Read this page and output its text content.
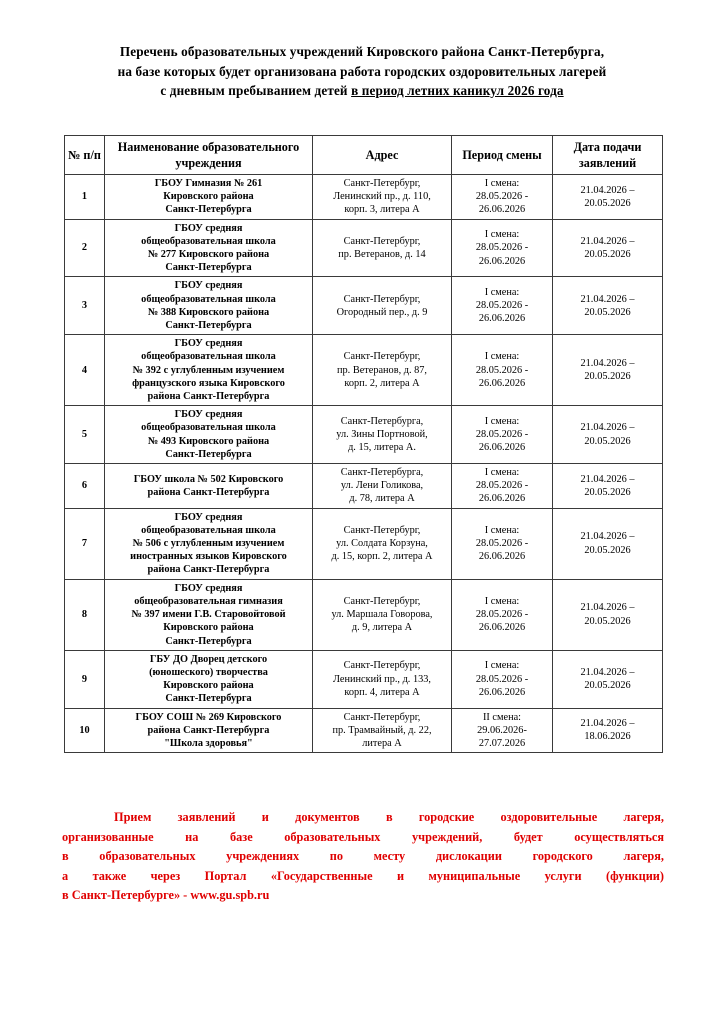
Перечень образовательных учреждений Кировского района Санкт-Петербурга,
на базе которых будет организована работа городских оздоровительных лагерей
с дневным пребыванием детей в период летних каникул 2026 года
№ п/п	Наименование образовательного учреждения	Адрес	Период смены	Дата подачи заявлений
1	ГБОУ Гимназия № 261
Кировского района
Санкт-Петербурга	Санкт-Петербург,
Ленинский пр., д. 110,
корп. 3, литера А	I смена:
28.05.2026 -
26.06.2026	21.04.2026 –
20.05.2026

2	ГБОУ средняя
общеобразовательная школа
№ 277 Кировского района
Санкт-Петербурга	Санкт-Петербург,
пр. Ветеранов, д. 14	I смена:
28.05.2026 -
26.06.2026	21.04.2026 –
20.05.2026

3	ГБОУ средняя
общеобразовательная школа
№ 388 Кировского района
Санкт-Петербурга	Санкт-Петербург,
Огородный пер., д. 9	I смена:
28.05.2026 -
26.06.2026	21.04.2026 –
20.05.2026

4	ГБОУ средняя
общеобразовательная школа
№ 392 с углубленным изучением
французского языка Кировского
района Санкт-Петербурга	Санкт-Петербург,
пр. Ветеранов, д. 87,
корп. 2, литера А	I смена:
28.05.2026 -
26.06.2026	21.04.2026 –
20.05.2026

5	ГБОУ средняя
общеобразовательная школа
№ 493 Кировского района
Санкт-Петербурга	Санкт-Петербурга,
ул. Зины Портновой,
д. 15, литера А.	I смена:
28.05.2026 -
26.06.2026	21.04.2026 –
20.05.2026

6	ГБОУ школа № 502 Кировского
района Санкт-Петербурга	Санкт-Петербурга,
ул. Лени Голикова,
д. 78, литера А	I смена:
28.05.2026 -
26.06.2026	21.04.2026 –
20.05.2026

7	ГБОУ средняя
общеобразовательная школа
№ 506 с углубленным изучением
иностранных языков Кировского
района Санкт-Петербурга	Санкт-Петербург,
ул. Солдата Корзуна,
д. 15, корп. 2, литера А	I смена:
28.05.2026 -
26.06.2026	21.04.2026 –
20.05.2026

8	ГБОУ средняя
общеобразовательная гимназия
№ 397 имени Г.В. Старовойтовой
Кировского района
Санкт-Петербурга	Санкт-Петербург,
ул. Маршала Говорова,
д. 9, литера А	I смена:
28.05.2026 -
26.06.2026	21.04.2026 –
20.05.2026

9	ГБУ ДО Дворец детского
(юношеского) творчества
Кировского района
Санкт-Петербурга	Санкт-Петербург,
Ленинский пр., д. 133,
корп. 4, литера А	I смена:
28.05.2026 -
26.06.2026	21.04.2026 –
20.05.2026

10	ГБОУ СОШ № 269 Кировского
района Санкт-Петербурга
"Школа здоровья"	Санкт-Петербург,
пр. Трамвайный, д. 22,
литера А	II смена:
29.06.2026-
27.07.2026	21.04.2026 –
18.06.2026
Прием заявлений и документов в городские оздоровительные лагеря,
организованные на базе образовательных учреждений, будет осуществляться
в образовательных учреждениях по месту дислокации городского лагеря,
а также через Портал «Государственные и муниципальные услуги (функции)
в Санкт-Петербурге» - www.gu.spb.ru
